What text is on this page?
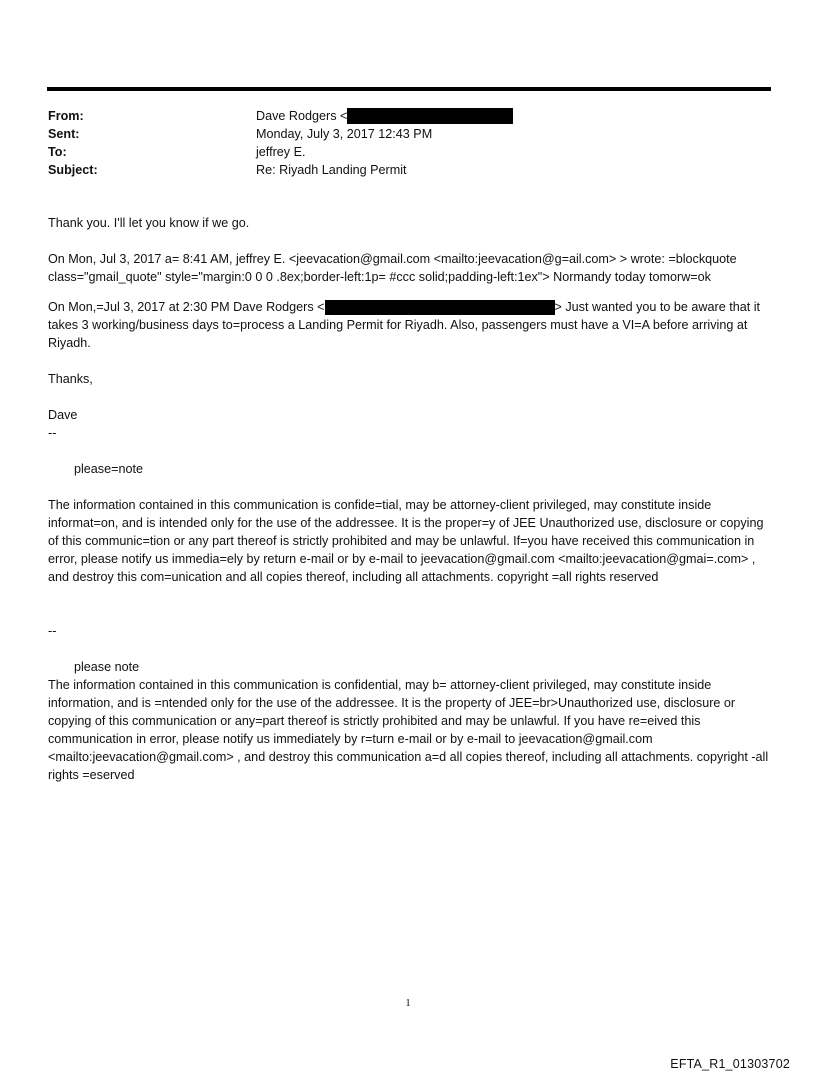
From:	Dave Rodgers <
Sent:	Monday, July 3, 2017 12:43 PM
To:	jeffrey E.
Subject:	Re: Riyadh Landing Permit

Thank you. I'll let you know if we go.

On Mon, Jul 3, 2017 a= 8:41 AM, jeffrey E. <jeevacation@gmail.com <mailto:jeevacation@g=ail.com> > wrote: =blockquote class="gmail_quote" style="margin:0 0 0 .8ex;border-left:1p= #ccc solid;padding-left:1ex"> Normandy today tomorw=ok

On Mon,=Jul 3, 2017 at 2:30 PM Dave Rodgers <	> Just wanted you to be aware that it takes 3 working/business days to=process a Landing Permit for Riyadh. Also, passengers must have a VI=A before arriving at Riyadh.

Thanks,

Dave

--

please=note

The information contained in this communication is confide=tial, may be attorney-client privileged, may constitute inside informat=on, and is intended only for the use of the addressee. It is the proper=y of JEE Unauthorized use, disclosure or copying of this communic=tion or any part thereof is strictly prohibited and may be unlawful. If=you have received this communication in error, please notify us immedia=ely by return e-mail or by e-mail to jeevacation@gmail.com <mailto:jeevacation@gmai=.com> , and destroy this com=unication and all copies thereof, including all attachments. copyright =all rights reserved

--

please note

The information contained in this communication is confidential, may b= attorney-client privileged, may constitute inside information, and is =ntended only for the use of the addressee. It is the property of JEE=br>Unauthorized use, disclosure or copying of this communication or any=part thereof is strictly prohibited and may be unlawful. If you have re=eived this communication in error, please notify us immediately by r=turn e-mail or by e-mail to jeevacation@gmail.com <mailto:jeevacation@gmail.com> , and destroy this communication a=d all copies thereof, including all attachments. copyright -all rights =eserved

1
EFTA_R1_01303702
